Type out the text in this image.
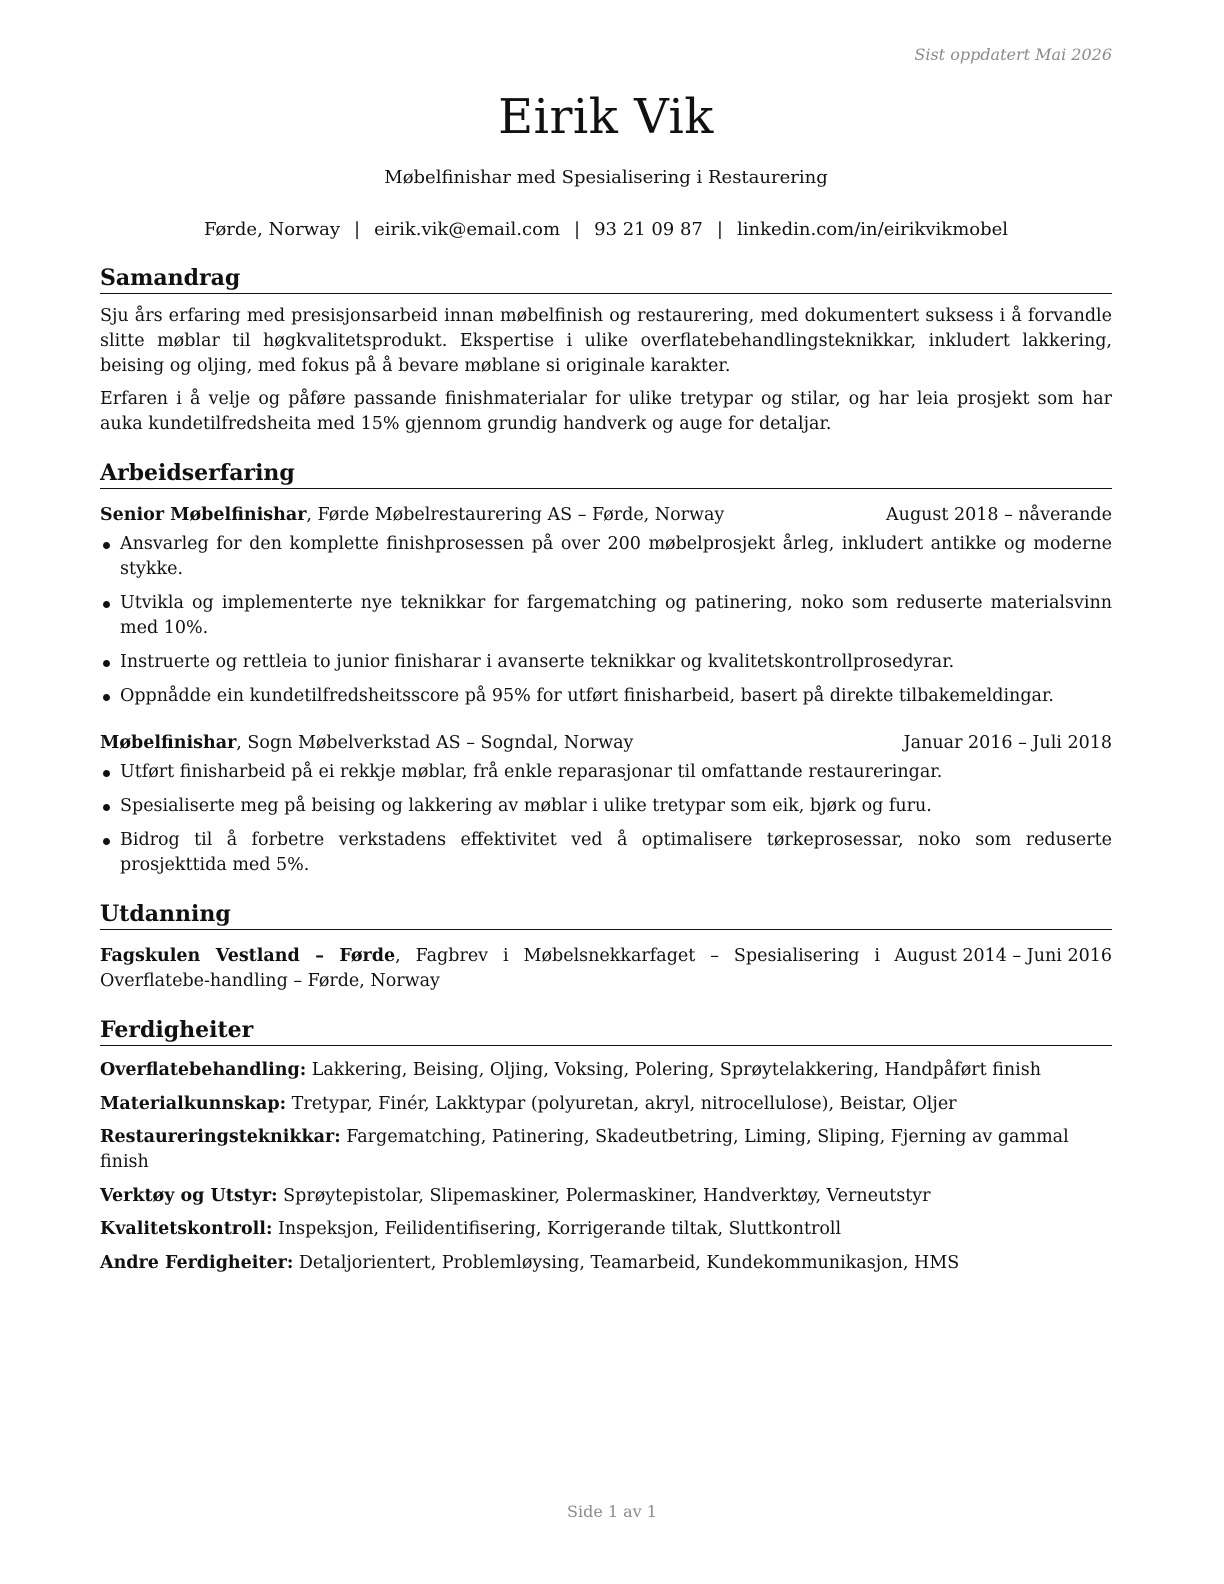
Sist oppdatert Mai 2026
Eirik Vik
Møbelfinishar med Spesialisering i Restaurering
Førde, Norway | eirik.vik@email.com | 93 21 09 87 | linkedin.com/in/eirikvikmobel
Samandrag
Sju års erfaring med presisjonsarbeid innan møbelfinish og restaurering, med dokumentert suksess i å forvandle slitte møblar til høgkvalitetsprodukt. Ekspertise i ulike overflatebehandlingsteknikkar, inkludert lakkering, beising og oljing, med fokus på å bevare møblane si originale karakter.
Erfaren i å velje og påføre passande finishmaterialar for ulike tretypar og stilar, og har leia prosjekt som har auka kundetilfredsheita med 15% gjennom grundig handverk og auge for detaljar.
Arbeidserfaring
Senior Møbelfinishar, Førde Møbelrestaurering AS – Førde, Norway	August 2018 – nåverande
Ansvarleg for den komplette finishprosessen på over 200 møbelprosjekt årleg, inkludert antikke og moderne stykke.
Utvikla og implementerte nye teknikkar for fargematching og patinering, noko som reduserte materialsvinn med 10%.
Instruerte og rettleia to junior finisharar i avanserte teknikkar og kvalitetskontrollprosedyrar.
Oppnådde ein kundetilfredsheitsscore på 95% for utført finisharbeid, basert på direkte tilbakemeldingar.
Møbelfinishar, Sogn Møbelverkstad AS – Sogndal, Norway	Januar 2016 – Juli 2018
Utført finisharbeid på ei rekkje møblar, frå enkle reparasjonar til omfattande restaureringar.
Spesialiserte meg på beising og lakkering av møblar i ulike tretypar som eik, bjørk og furu.
Bidrog til å forbetre verkstadens effektivitet ved å optimalisere tørkeprosessar, noko som reduserte prosjekttida med 5%.
Utdanning
Fagskulen Vestland – Førde, Fagbrev i Møbelsnekkarfaget – Spesialisering i Overflatebe-handling – Førde, Norway
August 2014 – Juni 2016
Ferdigheiter
Overflatebehandling: Lakkering, Beising, Oljing, Voksing, Polering, Sprøytelakkering, Handpåført finish
Materialkunnskap: Tretypar, Finér, Lakktypar (polyuretan, akryl, nitrocellulose), Beistar, Oljer
Restaureringsteknikkar: Fargematching, Patinering, Skadeutbetring, Liming, Sliping, Fjerning av gammal finish
Verktøy og Utstyr: Sprøytepistolar, Slipemaskiner, Polermaskiner, Handverktøy, Verneutstyr
Kvalitetskontroll: Inspeksjon, Feilidentifisering, Korrigerande tiltak, Sluttkontroll
Andre Ferdigheiter: Detaljorientert, Problemløysing, Teamarbeid, Kundekommunikasjon, HMS
Side 1 av 1
